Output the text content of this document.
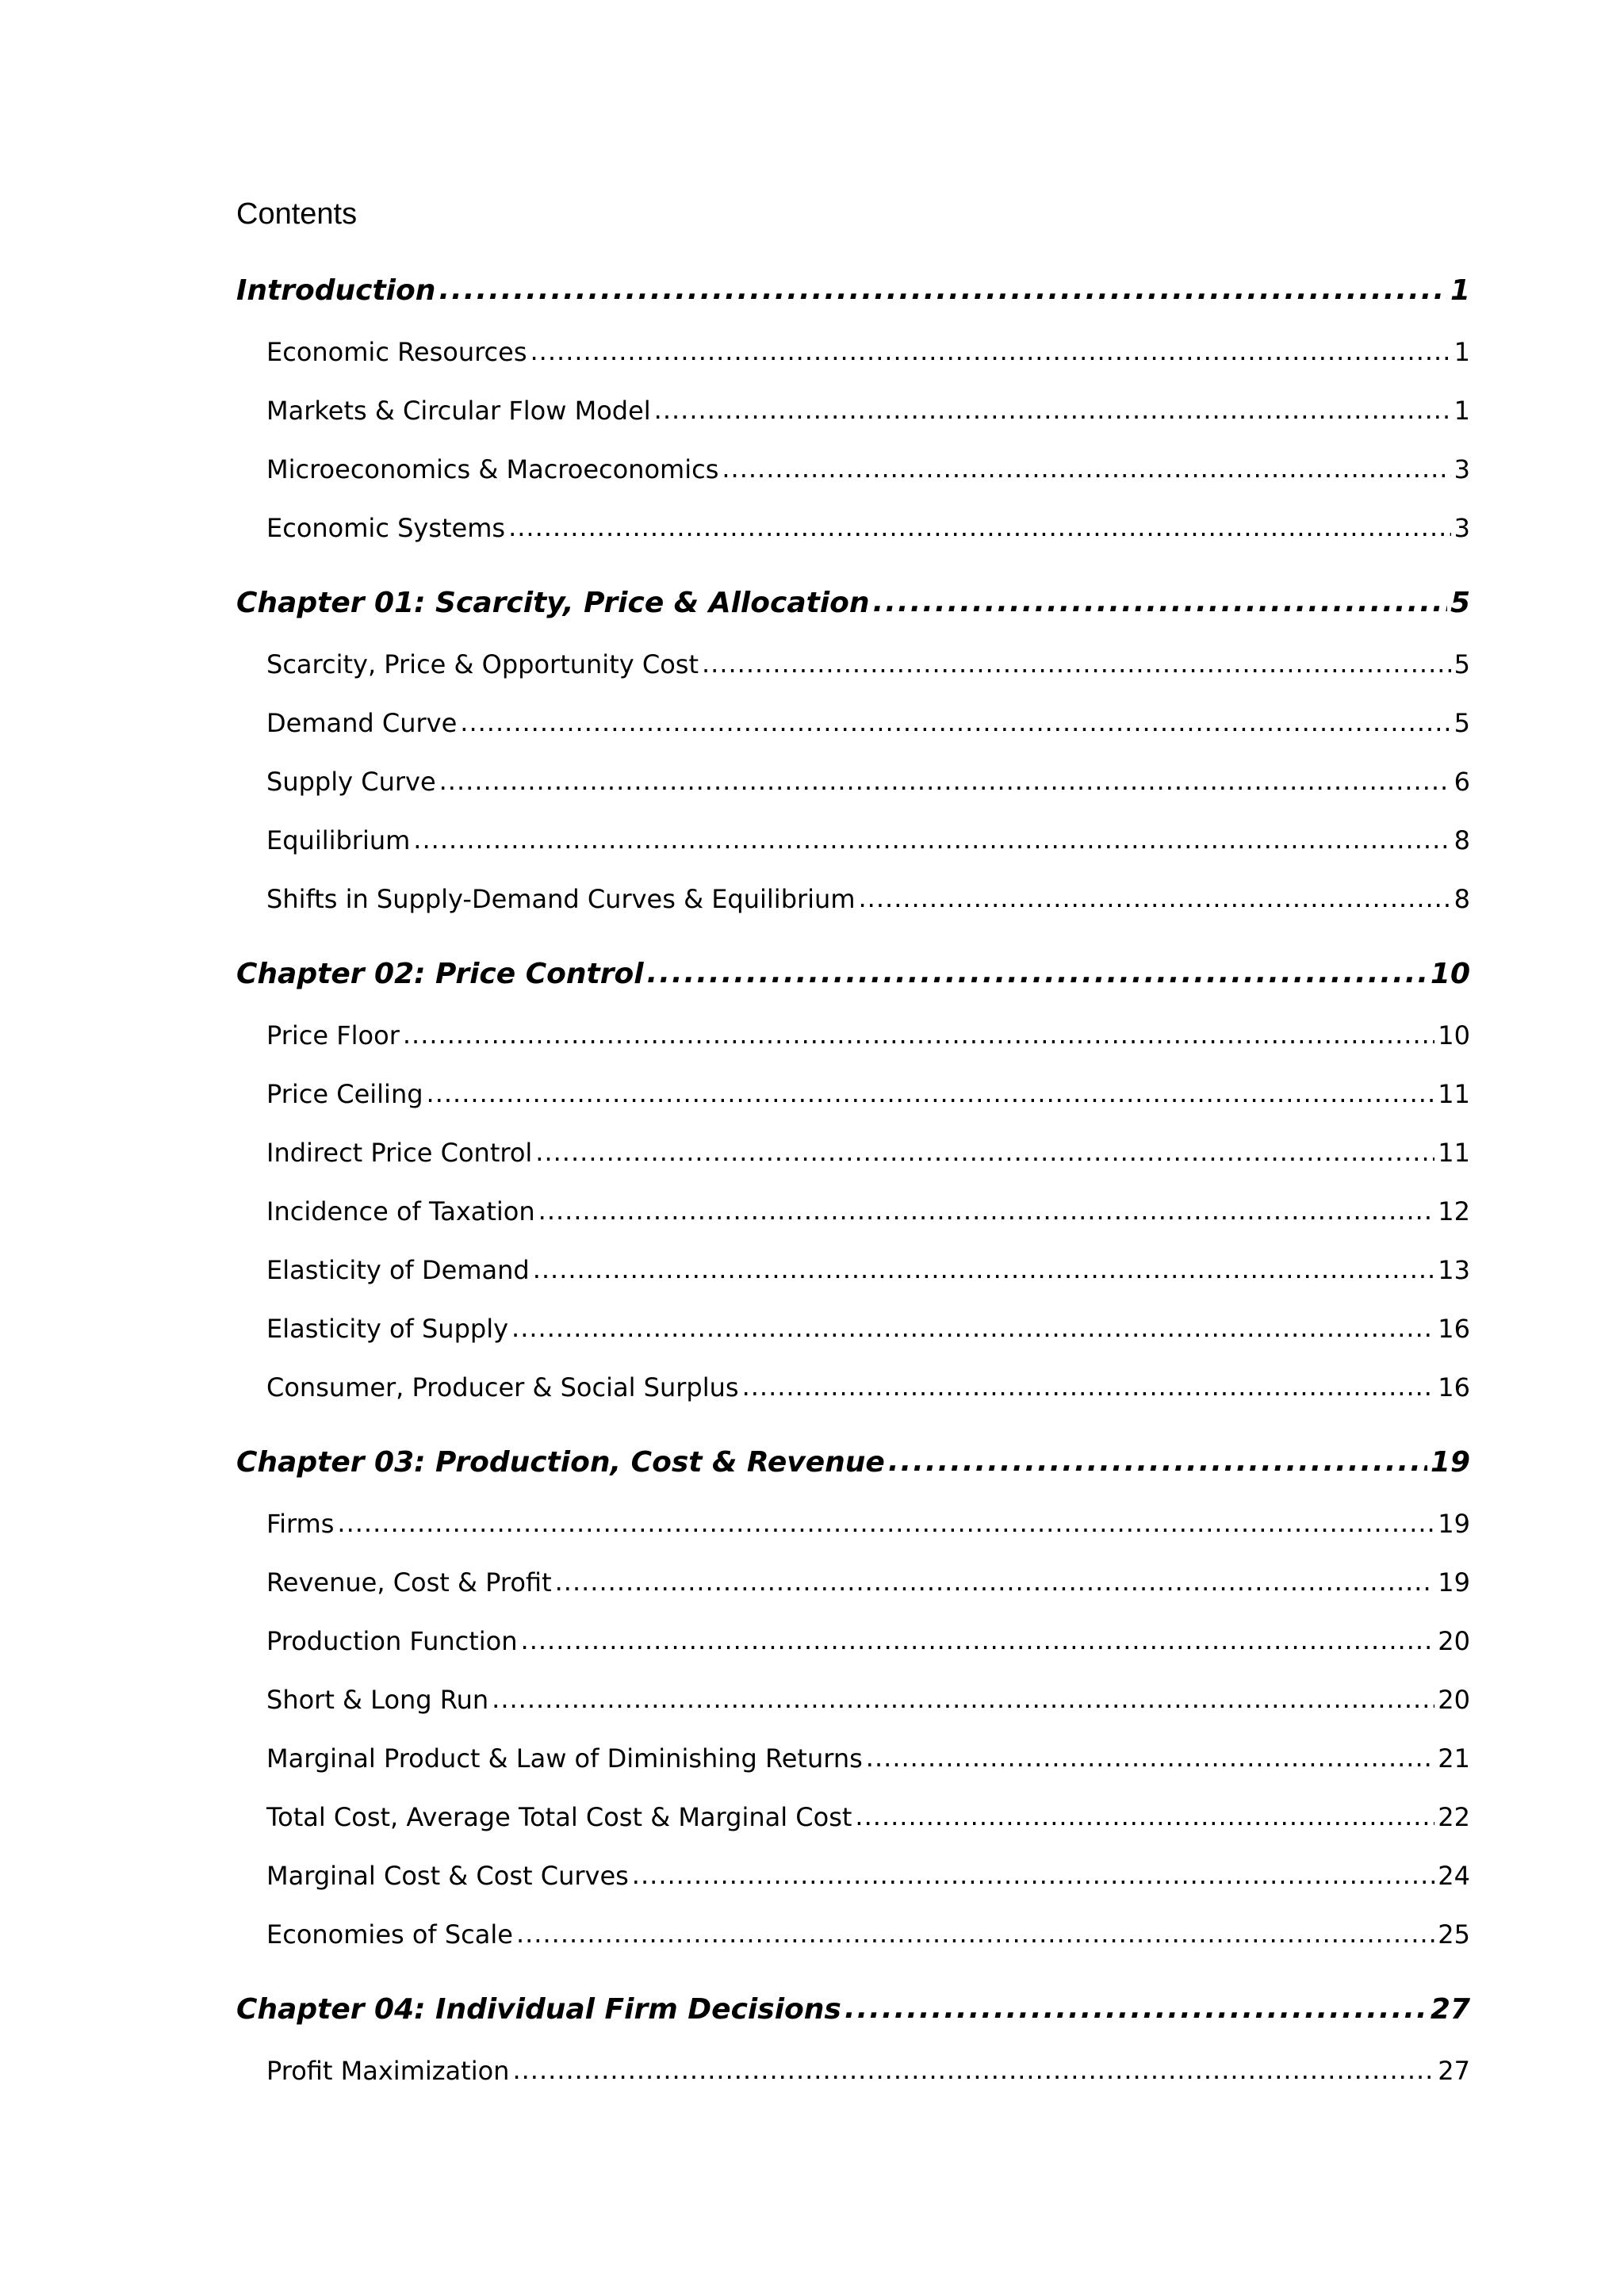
Contents
Introduction .....	1
Economic Resources .....	1
Markets & Circular Flow Model .....	1
Microeconomics & Macroeconomics .....	3
Economic Systems .....	3
Chapter 01: Scarcity, Price & Allocation .....	5
Scarcity, Price & Opportunity Cost .....	5
Demand Curve .....	5
Supply Curve .....	6
Equilibrium .....	8
Shifts in Supply-Demand Curves & Equilibrium .....	8
Chapter 02: Price Control .....	10
Price Floor .....	10
Price Ceiling .....	11
Indirect Price Control .....	11
Incidence of Taxation .....	12
Elasticity of Demand .....	13
Elasticity of Supply .....	16
Consumer, Producer & Social Surplus .....	16
Chapter 03: Production, Cost & Revenue .....	19
Firms .....	19
Revenue, Cost & Profit .....	19
Production Function .....	20
Short & Long Run .....	20
Marginal Product & Law of Diminishing Returns .....	21
Total Cost, Average Total Cost & Marginal Cost .....	22
Marginal Cost & Cost Curves .....	24
Economies of Scale .....	25
Chapter 04: Individual Firm Decisions .....	27
Profit Maximization .....	27
